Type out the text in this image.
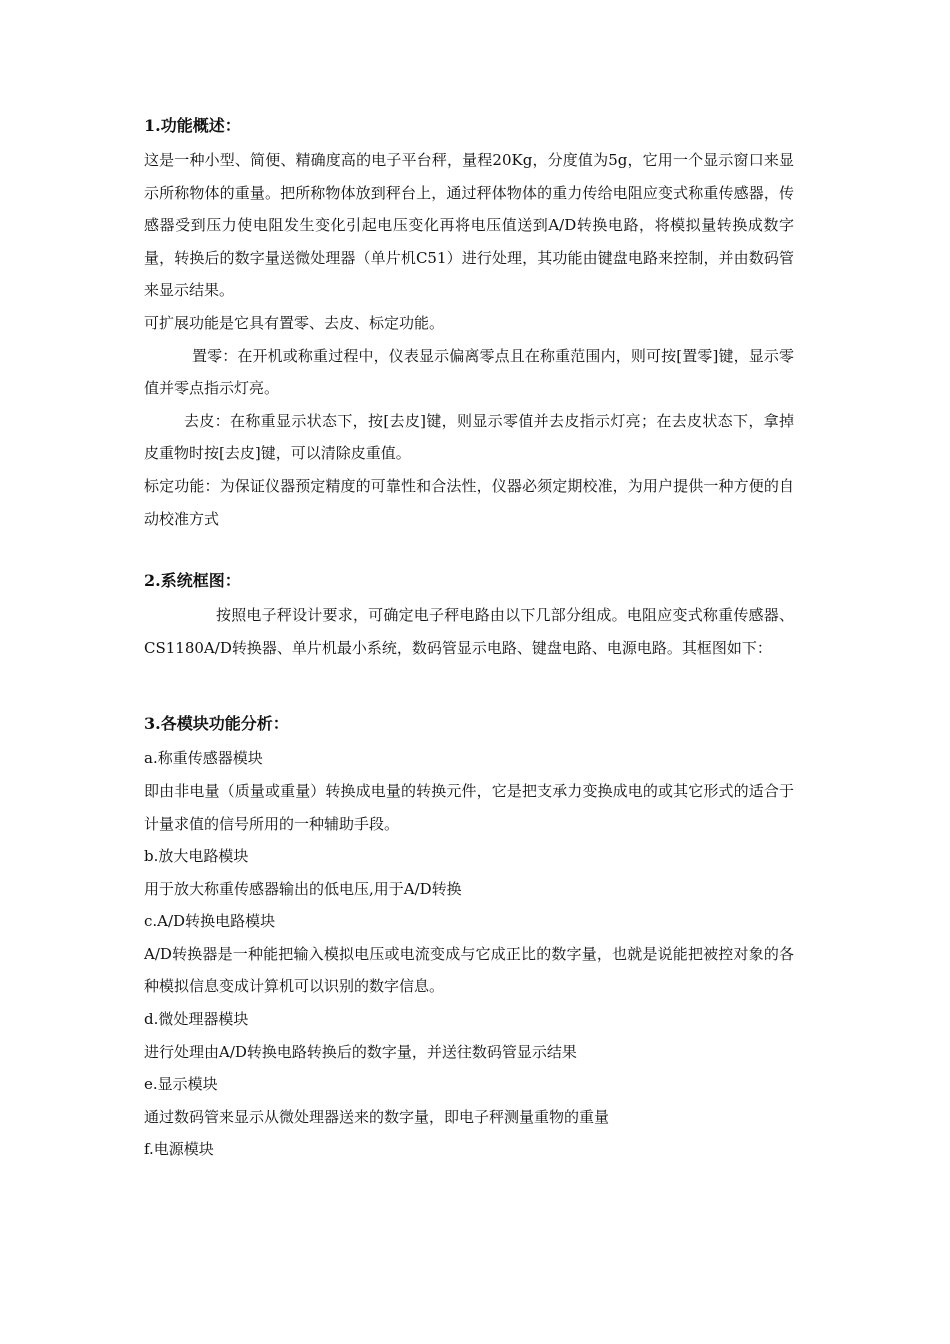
1.功能概述：

这是一种小型、简便、精确度高的电子平台秤，量程20Kg，分度值为5g，它用一个显示窗口来显示所称物体的重量。把所称物体放到秤台上，通过秤体物体的重力传给电阻应变式称重传感器，传感器受到压力使电阻发生变化引起电压变化再将电压值送到A/D转换电路，将模拟量转换成数字量，转换后的数字量送微处理器（单片机C51）进行处理，其功能由键盘电路来控制，并由数码管来显示结果。

可扩展功能是它具有置零、去皮、标定功能。

置零：在开机或称重过程中，仪表显示偏离零点且在称重范围内，则可按[置零]键，显示零值并零点指示灯亮。

去皮：在称重显示状态下，按[去皮]键，则显示零值并去皮指示灯亮；在去皮状态下，拿掉皮重物时按[去皮]键，可以清除皮重值。

标定功能：为保证仪器预定精度的可靠性和合法性，仪器必须定期校准，为用户提供一种方便的自动校准方式

2.系统框图：

按照电子秤设计要求，可确定电子秤电路由以下几部分组成。电阻应变式称重传感器、CS1180A/D转换器、单片机最小系统，数码管显示电路、键盘电路、电源电路。其框图如下：

3.各模块功能分析：

a.称重传感器模块

即由非电量（质量或重量）转换成电量的转换元件，它是把支承力变换成电的或其它形式的适合于计量求值的信号所用的一种辅助手段。

b.放大电路模块

用于放大称重传感器输出的低电压,用于A/D转换

c.A/D转换电路模块

A/D转换器是一种能把输入模拟电压或电流变成与它成正比的数字量，也就是说能把被控对象的各种模拟信息变成计算机可以识别的数字信息。

d.微处理器模块

进行处理由A/D转换电路转换后的数字量，并送往数码管显示结果

e.显示模块

通过数码管来显示从微处理器送来的数字量，即电子秤测量重物的重量

f.电源模块
